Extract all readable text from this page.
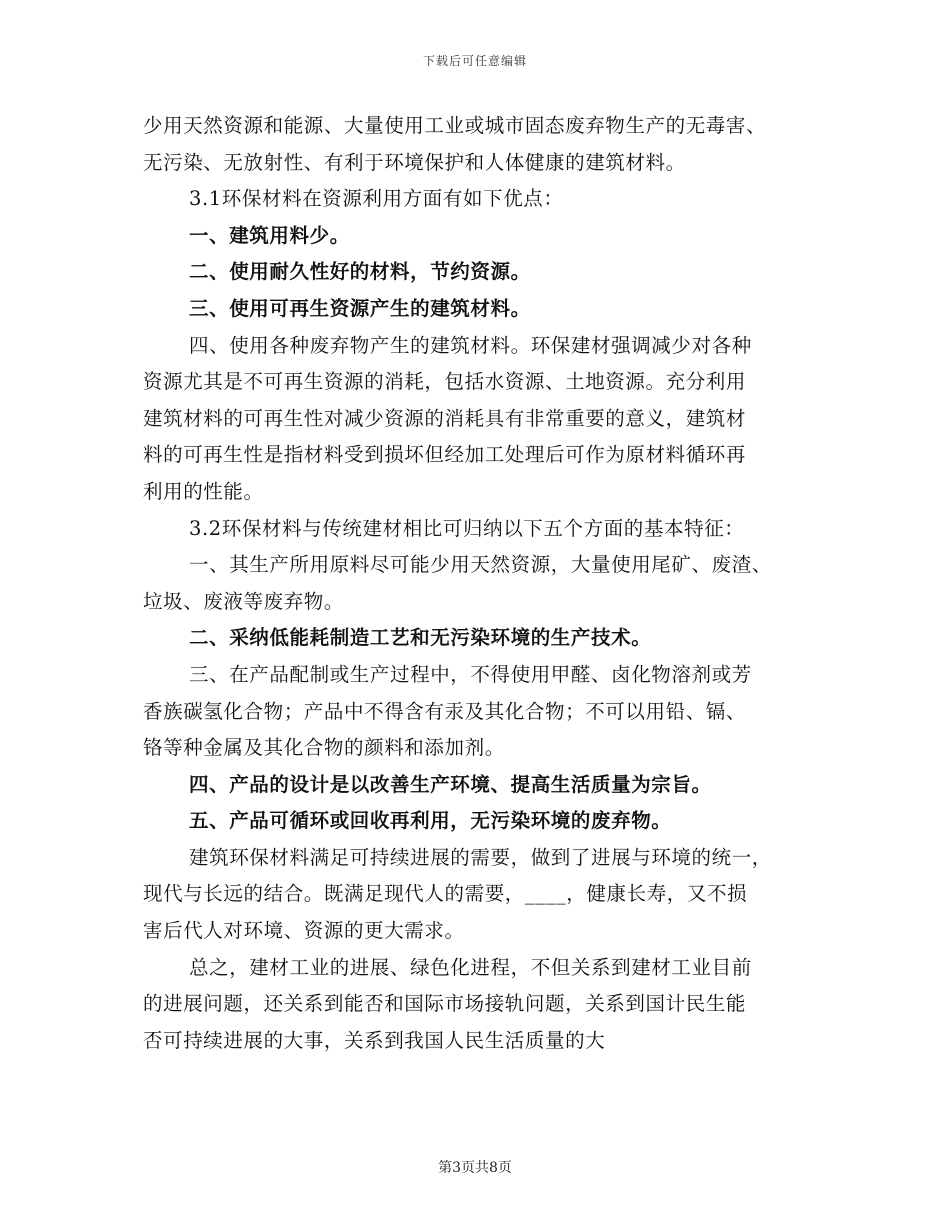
下载后可任意编辑
少用天然资源和能源、大量使用工业或城市固态废弃物生产的无毒害、
无污染、无放射性、有利于环境保护和人体健康的建筑材料。
3.1环保材料在资源利用方面有如下优点：
一、建筑用料少。
二、使用耐久性好的材料，节约资源。
三、使用可再生资源产生的建筑材料。
四、使用各种废弃物产生的建筑材料。环保建材强调减少对各种
资源尤其是不可再生资源的消耗，包括水资源、土地资源。充分利用
建筑材料的可再生性对减少资源的消耗具有非常重要的意义，建筑材
料的可再生性是指材料受到损坏但经加工处理后可作为原材料循环再
利用的性能。
3.2环保材料与传统建材相比可归纳以下五个方面的基本特征：
一、其生产所用原料尽可能少用天然资源，大量使用尾矿、废渣、
垃圾、废液等废弃物。
二、采纳低能耗制造工艺和无污染环境的生产技术。
三、在产品配制或生产过程中，不得使用甲醛、卤化物溶剂或芳
香族碳氢化合物；产品中不得含有汞及其化合物；不可以用铅、镉、
铬等种金属及其化合物的颜料和添加剂。
四、产品的设计是以改善生产环境、提高生活质量为宗旨。
五、产品可循环或回收再利用，无污染环境的废弃物。
建筑环保材料满足可持续进展的需要，做到了进展与环境的统一，
现代与长远的结合。既满足现代人的需要，____，健康长寿，又不损
害后代人对环境、资源的更大需求。
总之，建材工业的进展、绿色化进程，不但关系到建材工业目前
的进展问题，还关系到能否和国际市场接轨问题，关系到国计民生能
否可持续进展的大事，关系到我国人民生活质量的大
第3页共8页
